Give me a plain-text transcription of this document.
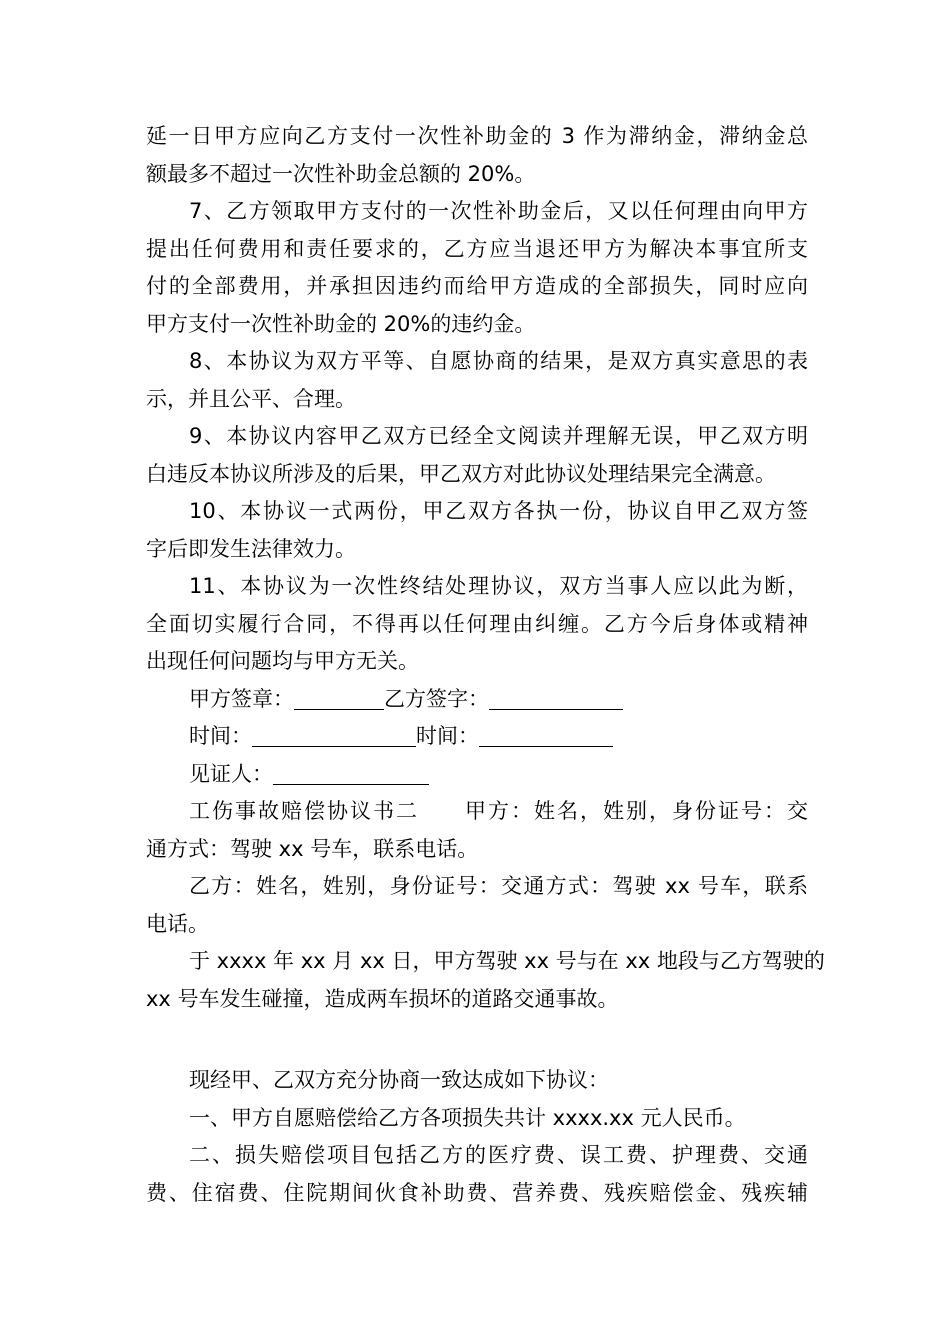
延一日甲方应向乙方支付一次性补助金的 3 作为滞纳金，滞纳金总
额最多不超过一次性补助金总额的 20%。
7、乙方领取甲方支付的一次性补助金后，又以任何理由向甲方
提出任何费用和责任要求的，乙方应当退还甲方为解决本事宜所支
付的全部费用，并承担因违约而给甲方造成的全部损失，同时应向
甲方支付一次性补助金的 20%的违约金。
8、本协议为双方平等、自愿协商的结果，是双方真实意思的表
示，并且公平、合理。
9、本协议内容甲乙双方已经全文阅读并理解无误，甲乙双方明
白违反本协议所涉及的后果，甲乙双方对此协议处理结果完全满意。
10、本协议一式两份，甲乙双方各执一份，协议自甲乙双方签
字后即发生法律效力。
11、本协议为一次性终结处理协议，双方当事人应以此为断，
全面切实履行合同，不得再以任何理由纠缠。乙方今后身体或精神
出现任何问题均与甲方无关。
甲方签章：	乙方签字：
时间：	时间：
见证人：
工伤事故赔偿协议书二　　甲方：姓名，姓别，身份证号：交
通方式：驾驶 xx 号车，联系电话。
乙方：姓名，姓别，身份证号：交通方式：驾驶 xx 号车，联系
电话。
于 xxxx 年 xx 月 xx 日，甲方驾驶 xx 号与在 xx 地段与乙方驾驶的
xx 号车发生碰撞，造成两车损坏的道路交通事故。
现经甲、乙双方充分协商一致达成如下协议：
一、甲方自愿赔偿给乙方各项损失共计 xxxx.xx 元人民币。
二、损失赔偿项目包括乙方的医疗费、误工费、护理费、交通
费、住宿费、住院期间伙食补助费、营养费、残疾赔偿金、残疾辅
